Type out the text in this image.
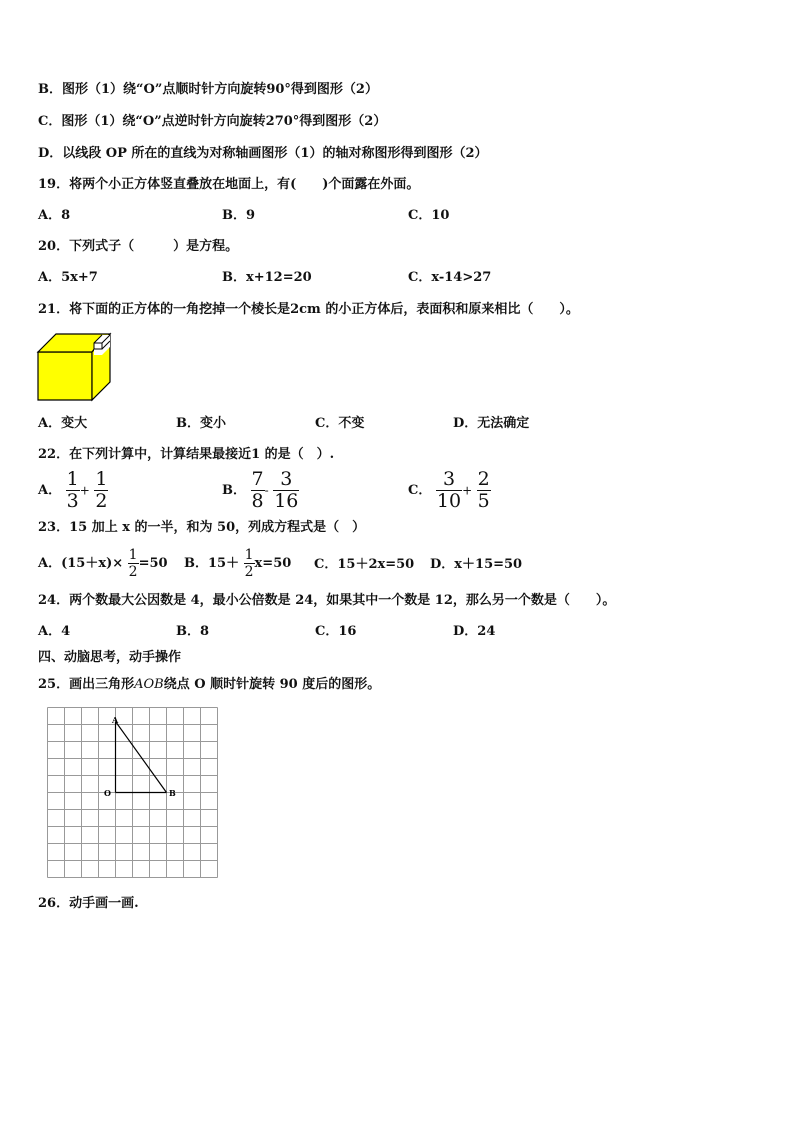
B．图形（1）绕“O”点顺时针方向旋转90°得到图形（2）
C．图形（1）绕“O”点逆时针方向旋转270°得到图形（2）
D．以线段 OP 所在的直线为对称轴画图形（1）的轴对称图形得到图形（2）
19．将两个小正方体竖直叠放在地面上，有(　　)个面露在外面。
A．8	B．9	C．10
20．下列式子（　　　）是方程。
A．5x+7	B．x+12=20	C．x-14>27
21．将下面的正方体的一角挖掉一个棱长是2cm 的小正方体后，表面积和原来相比（　　）。
A．变大	B．变小	C．不变	D．无法确定
22．在下列计算中，计算结果最接近1 的是（　）.
A． $\frac{1}{3} + \frac{1}{2}$	B． $\frac{7}{8} - \frac{3}{16}$	C． $\frac{3}{10} + \frac{2}{5}$
23．15 加上 x 的一半，和为 50，列成方程式是（　）
A．$(15+x)\times \frac{1}{2} =50$ B．$15+ \frac{1}{2} x=50$ C．15＋2x=50 D．x＋15=50
24．两个数最大公因数是 4，最小公倍数是 24，如果其中一个数是 12，那么另一个数是（　　）。
A．4	B．8	C．16	D．24
四、动脑思考，动手操作
25．画出三角形AOB绕点 O 顺时针旋转 90 度后的图形。
A
O	B
26．动手画一画.
